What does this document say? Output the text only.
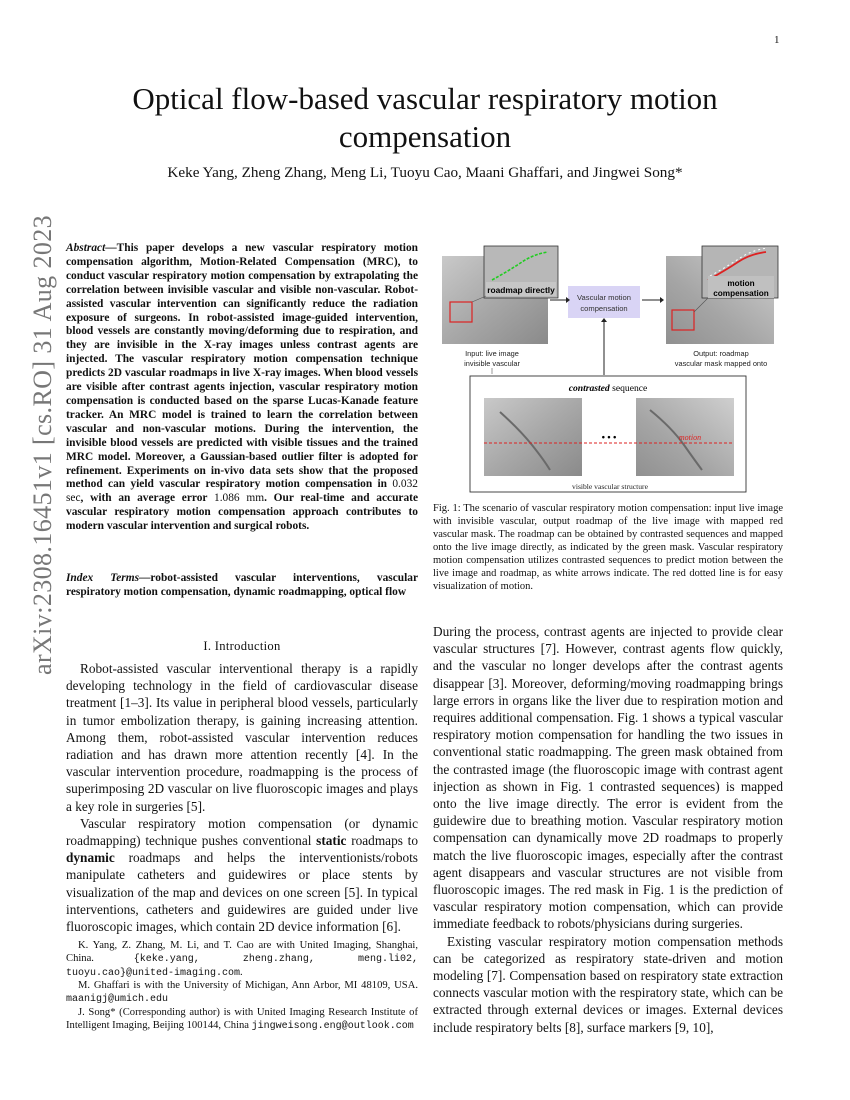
1
arXiv:2308.16451v1 [cs.RO] 31 Aug 2023
Optical flow-based vascular respiratory motion compensation
Keke Yang, Zheng Zhang, Meng Li, Tuoyu Cao, Maani Ghaffari, and Jingwei Song*
Abstract—This paper develops a new vascular respiratory motion compensation algorithm, Motion-Related Compensation (MRC), to conduct vascular respiratory motion compensation by extrapolating the correlation between invisible vascular and visible non-vascular. Robot-assisted vascular intervention can significantly reduce the radiation exposure of surgeons. In robot-assisted image-guided intervention, blood vessels are constantly moving/deforming due to respiration, and they are invisible in the X-ray images unless contrast agents are injected. The vascular respiratory motion compensation technique predicts 2D vascular roadmaps in live X-ray images. When blood vessels are visible after contrast agents injection, vascular respiratory motion compensation is conducted based on the sparse Lucas-Kanade feature tracker. An MRC model is trained to learn the correlation between vascular and non-vascular motions. During the intervention, the invisible blood vessels are predicted with visible tissues and the trained MRC model. Moreover, a Gaussian-based outlier filter is adopted for refinement. Experiments on in-vivo data sets show that the proposed method can yield vascular respiratory motion compensation in 0.032 sec, with an average error 1.086 mm. Our real-time and accurate vascular respiratory motion compensation approach contributes to modern vascular intervention and surgical robots.
Index Terms—robot-assisted vascular interventions, vascular respiratory motion compensation, dynamic roadmapping, optical flow
I. Introduction

Robot-assisted vascular interventional therapy is a rapidly developing technology in the field of cardiovascular disease treatment [1–3]. Its value in peripheral blood vessels, particularly in tumor embolization therapy, is gaining increasing attention. Among them, robot-assisted vascular intervention reduces radiation and has drawn more attention recently [4]. In the vascular intervention procedure, roadmapping is the process of superimposing 2D vascular on live fluoroscopic images and plays a key role in surgeries [5].

Vascular respiratory motion compensation (or dynamic roadmapping) technique pushes conventional static roadmaps to dynamic roadmaps and helps the interventionists/robots manipulate catheters and guidewires or place stents by visualization of the map and devices on one screen [5]. In typical interventions, catheters and guidewires are guided under live fluoroscopic images, which contain 2D device information [6].

K. Yang, Z. Zhang, M. Li, and T. Cao are with United Imaging, Shanghai, China. {keke.yang, zheng.zhang, meng.li02, tuoyu.cao}@united-imaging.com.

M. Ghaffari is with the University of Michigan, Ann Arbor, MI 48109, USA. maanigj@umich.edu

J. Song* (Corresponding author) is with United Imaging Research Institute of Intelligent Imaging, Beijing 100144, China jingweisong.eng@outlook.com

roadmap directly
Vascular motion
compensation
motion
compensation
Input: live image
invisible vascular
Output: roadmap
vascular mask mapped onto
contrasted sequence
• • •	motion
visible vascular structure
Fig. 1: The scenario of vascular respiratory motion compensation: input live image with invisible vascular, output roadmap of the live image with mapped red vascular mask. The roadmap can be obtained by contrasted sequences and mapped onto the live image directly, as indicated by the green mask. Vascular respiratory motion compensation utilizes contrasted sequences to predict motion between the live image and roadmap, as white arrows indicate. The red dotted line is for easy visualization of motion.

During the process, contrast agents are injected to provide clear vascular structures [7]. However, contrast agents flow quickly, and the vascular no longer develops after the contrast agents disappear [3]. Moreover, deforming/moving roadmapping brings large errors in organs like the liver due to respiration motion and requires additional compensation. Fig. 1 shows a typical vascular respiratory motion compensation for handling the two issues in conventional static roadmapping. The green mask obtained from the contrasted image (the fluoroscopic image with contrast agent injection as shown in Fig. 1 contrasted sequences) is mapped onto the live image directly. The error is evident from the guidewire due to breathing motion. Vascular respiratory motion compensation can dynamically move 2D roadmaps to properly match the live fluoroscopic images, especially after the contrast agent disappears and vascular structures are not visible from fluoroscopic images. The red mask in Fig. 1 is the prediction of vascular respiratory motion compensation, which can provide immediate feedback to robots/physicians during surgeries.

Existing vascular respiratory motion compensation methods can be categorized as respiratory state-driven and motion modeling [7]. Compensation based on respiratory state extraction connects vascular motion with the respiratory state, which can be extracted through external devices or images. External devices include respiratory belts [8], surface markers [9, 10],
